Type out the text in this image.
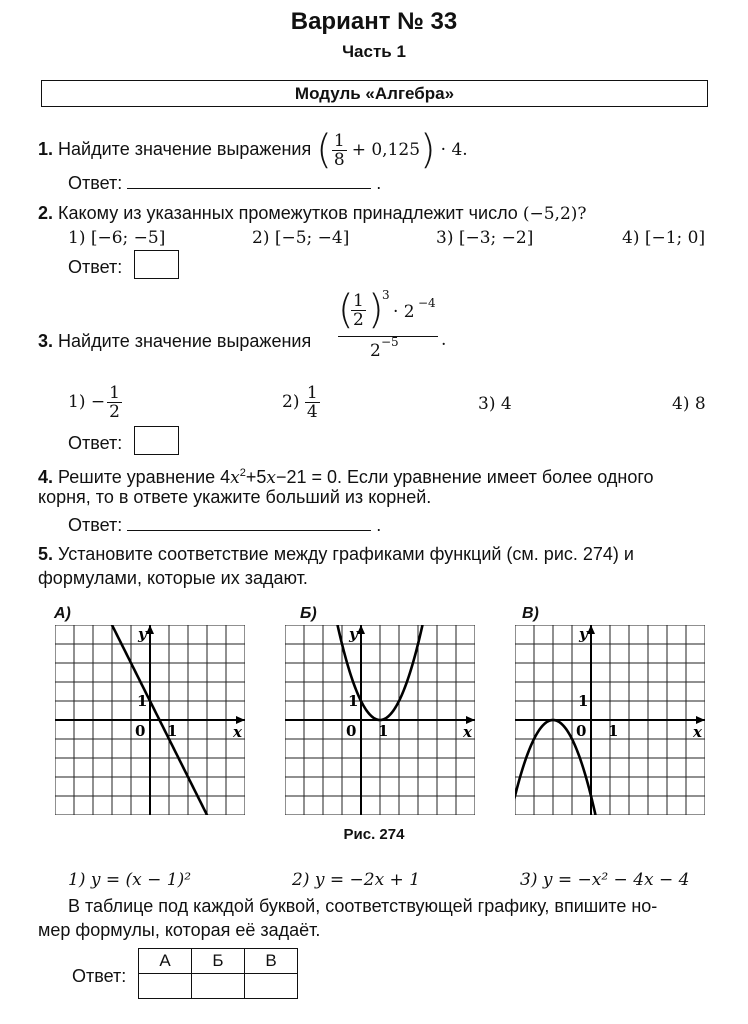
Вариант № 33
Часть 1
Модуль «Алгебра»
1. Найдите значение выражения ( $\frac{1}{8} + 0,125) \cdot 4$.
Ответ:	.
2. Какому из указанных промежутков принадлежит число (−5,2)?
1) [−6; −5]	2) [−5; −4]	3) [−3; −2]	4) [−1; 0]
Ответ:
3. Найдите значение выражения
(
$\frac{1}{2}$ )
3
· 2 −4
2 −5 .
$1) - \frac{1}{2}$	$2) \frac{1}{4}$	3) 4	4) 8
Ответ:
4. Решите уравнение $4x^2+5x-21 = 0$. Если уравнение имеет более одного
корня, то в ответе укажите больший из корней.
Ответ:	.
5. Установите соответствие между графиками функций (см. рис. 274) и
формулами, которые их задают.
А)	Б)	В)
x
y
0 1
1
x
y
0 1
1
x
y
0 1
1
Рис. 274
1) y = (x − 1)²	2) y = −2x + 1	3) y = −x² − 4x − 4
В таблице под каждой буквой, соответствующей графику, впишите но-
мер формулы, которая её задаёт.
Ответ:
А	Б	В
